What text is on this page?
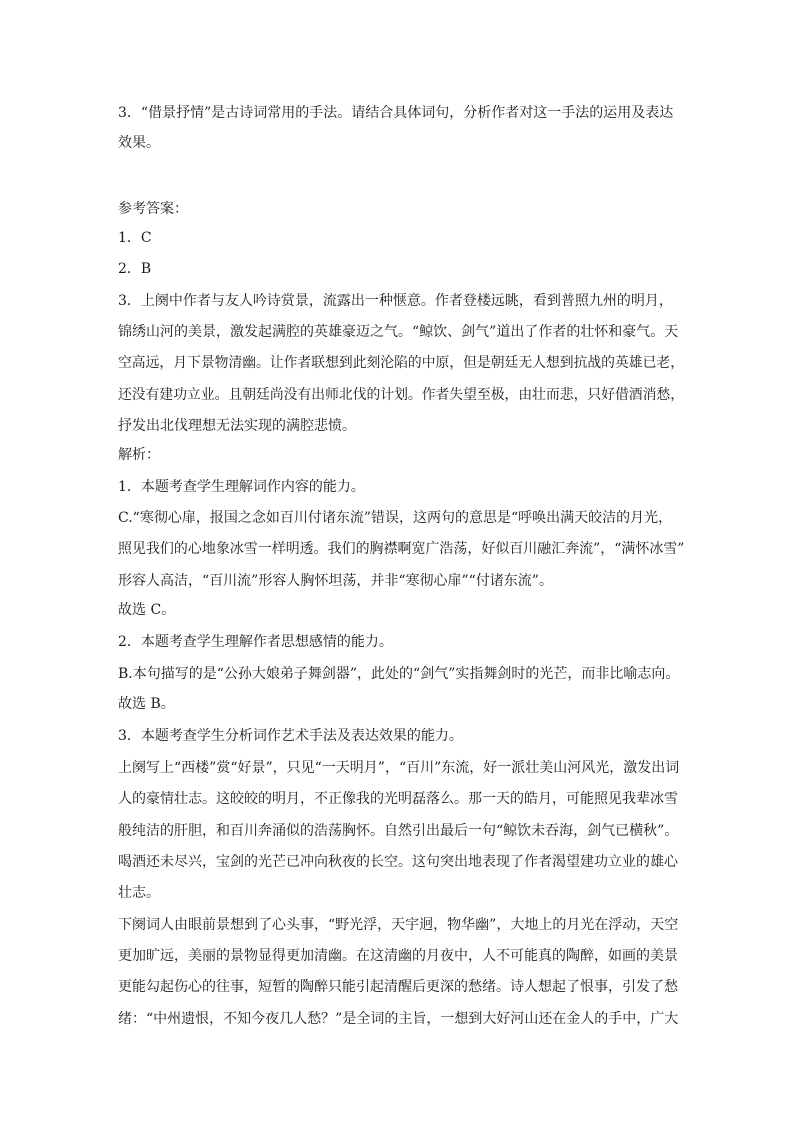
3．“借景抒情”是古诗词常用的手法。请结合具体词句，分析作者对这一手法的运用及表达
效果。
参考答案：
1．C
2．B
3．上阕中作者与友人吟诗赏景，流露出一种惬意。作者登楼远眺，看到普照九州的明月，
锦绣山河的美景，激发起满腔的英雄豪迈之气。“鲸饮、剑气”道出了作者的壮怀和豪气。天
空高远，月下景物清幽。让作者联想到此刻沦陷的中原，但是朝廷无人想到抗战的英雄已老，
还没有建功立业。且朝廷尚没有出师北伐的计划。作者失望至极，由壮而悲，只好借酒消愁，
抒发出北伐理想无法实现的满腔悲愤。
解析：
1．本题考查学生理解词作内容的能力。
C.“寒彻心扉，报国之念如百川付诸东流”错误，这两句的意思是“呼唤出满天皎洁的月光，
照见我们的心地象冰雪一样明透。我们的胸襟啊宽广浩荡，好似百川融汇奔流”，“满怀冰雪”
形容人高洁，“百川流”形容人胸怀坦荡，并非“寒彻心扉”“付诸东流”。
故选 C。
2．本题考查学生理解作者思想感情的能力。
B.本句描写的是“公孙大娘弟子舞剑器”，此处的“剑气”实指舞剑时的光芒，而非比喻志向。
故选 B。
3．本题考查学生分析词作艺术手法及表达效果的能力。
上阕写上“西楼”赏“好景”，只见“一天明月”，“百川”东流，好一派壮美山河风光，激发出词
人的豪情壮志。这皎皎的明月，不正像我的光明磊落么。那一天的皓月，可能照见我辈冰雪
般纯洁的肝胆，和百川奔涌似的浩荡胸怀。自然引出最后一句“鲸饮未吞海，剑气已横秋”。
喝酒还未尽兴，宝剑的光芒已冲向秋夜的长空。这句突出地表现了作者渴望建功立业的雄心
壮志。
下阕词人由眼前景想到了心头事，“野光浮，天宇迥，物华幽”，大地上的月光在浮动，天空
更加旷远，美丽的景物显得更加清幽。在这清幽的月夜中，人不可能真的陶醉，如画的美景
更能勾起伤心的往事，短暂的陶醉只能引起清醒后更深的愁绪。诗人想起了恨事，引发了愁
绪：“中州遗恨，不知今夜几人愁？”是全词的主旨，一想到大好河山还在金人的手中，广大
